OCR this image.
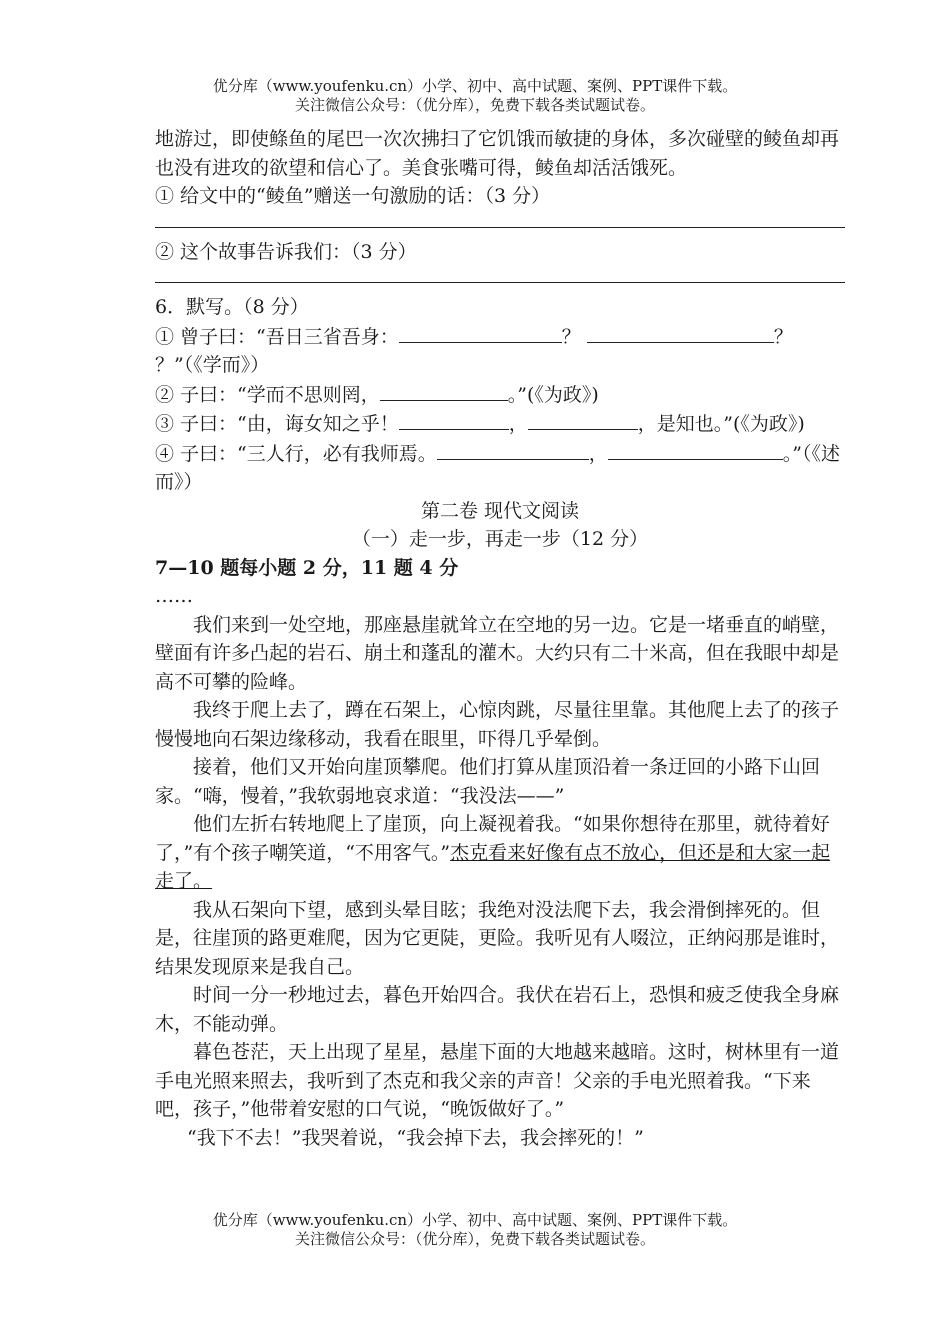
优分库（www.youfenku.cn）小学、初中、高中试题、案例、PPT课件下载。
关注微信公众号：（优分库），免费下载各类试题试卷。

地游过，即使鲦鱼的尾巴一次次拂扫了它饥饿而敏捷的身体，多次碰壁的鲮鱼却再也没有进攻的欲望和信心了。美食张嘴可得，鲮鱼却活活饿死。

① 给文中的“鲮鱼”赠送一句激励的话：（3 分）

② 这个故事告诉我们：（3 分）

6．默写。（8 分）

① 曾子曰：“吾日三省吾身：	？	？

？”（《学而》）

② 子曰：“学而不思则罔，	。”(《为政》)

③ 子曰：“由，诲女知之乎！	，	，是知也。”(《为政》)

④ 子曰：“三人行，必有我师焉。	，	。”（《述而》）

第二卷 现代文阅读

（一）走一步，再走一步（12 分）

7—10 题每小题 2 分，11 题 4 分

……

我们来到一处空地，那座悬崖就耸立在空地的另一边。它是一堵垂直的峭壁，壁面有许多凸起的岩石、崩土和蓬乱的灌木。大约只有二十米高，但在我眼中却是高不可攀的险峰。

我终于爬上去了，蹲在石架上，心惊肉跳，尽量往里靠。其他爬上去了的孩子慢慢地向石架边缘移动，我看在眼里，吓得几乎晕倒。

接着，他们又开始向崖顶攀爬。他们打算从崖顶沿着一条迂回的小路下山回家。“嗨，慢着，”我软弱地哀求道：“我没法——”

他们左折右转地爬上了崖顶，向上凝视着我。“如果你想待在那里，就待着好了，”有个孩子嘲笑道，“不用客气。”杰克看来好像有点不放心，但还是和大家一起走了。

我从石架向下望，感到头晕目眩；我绝对没法爬下去，我会滑倒摔死的。但是，往崖顶的路更难爬，因为它更陡，更险。我听见有人啜泣，正纳闷那是谁时，结果发现原来是我自己。

时间一分一秒地过去，暮色开始四合。我伏在岩石上，恐惧和疲乏使我全身麻木，不能动弹。

暮色苍茫，天上出现了星星，悬崖下面的大地越来越暗。这时，树林里有一道手电光照来照去，我听到了杰克和我父亲的声音！父亲的手电光照着我。“下来吧，孩子，”他带着安慰的口气说，“晚饭做好了。”

“我下不去！”我哭着说，“我会掉下去，我会摔死的！”

优分库（www.youfenku.cn）小学、初中、高中试题、案例、PPT课件下载。
关注微信公众号：（优分库），免费下载各类试题试卷。
